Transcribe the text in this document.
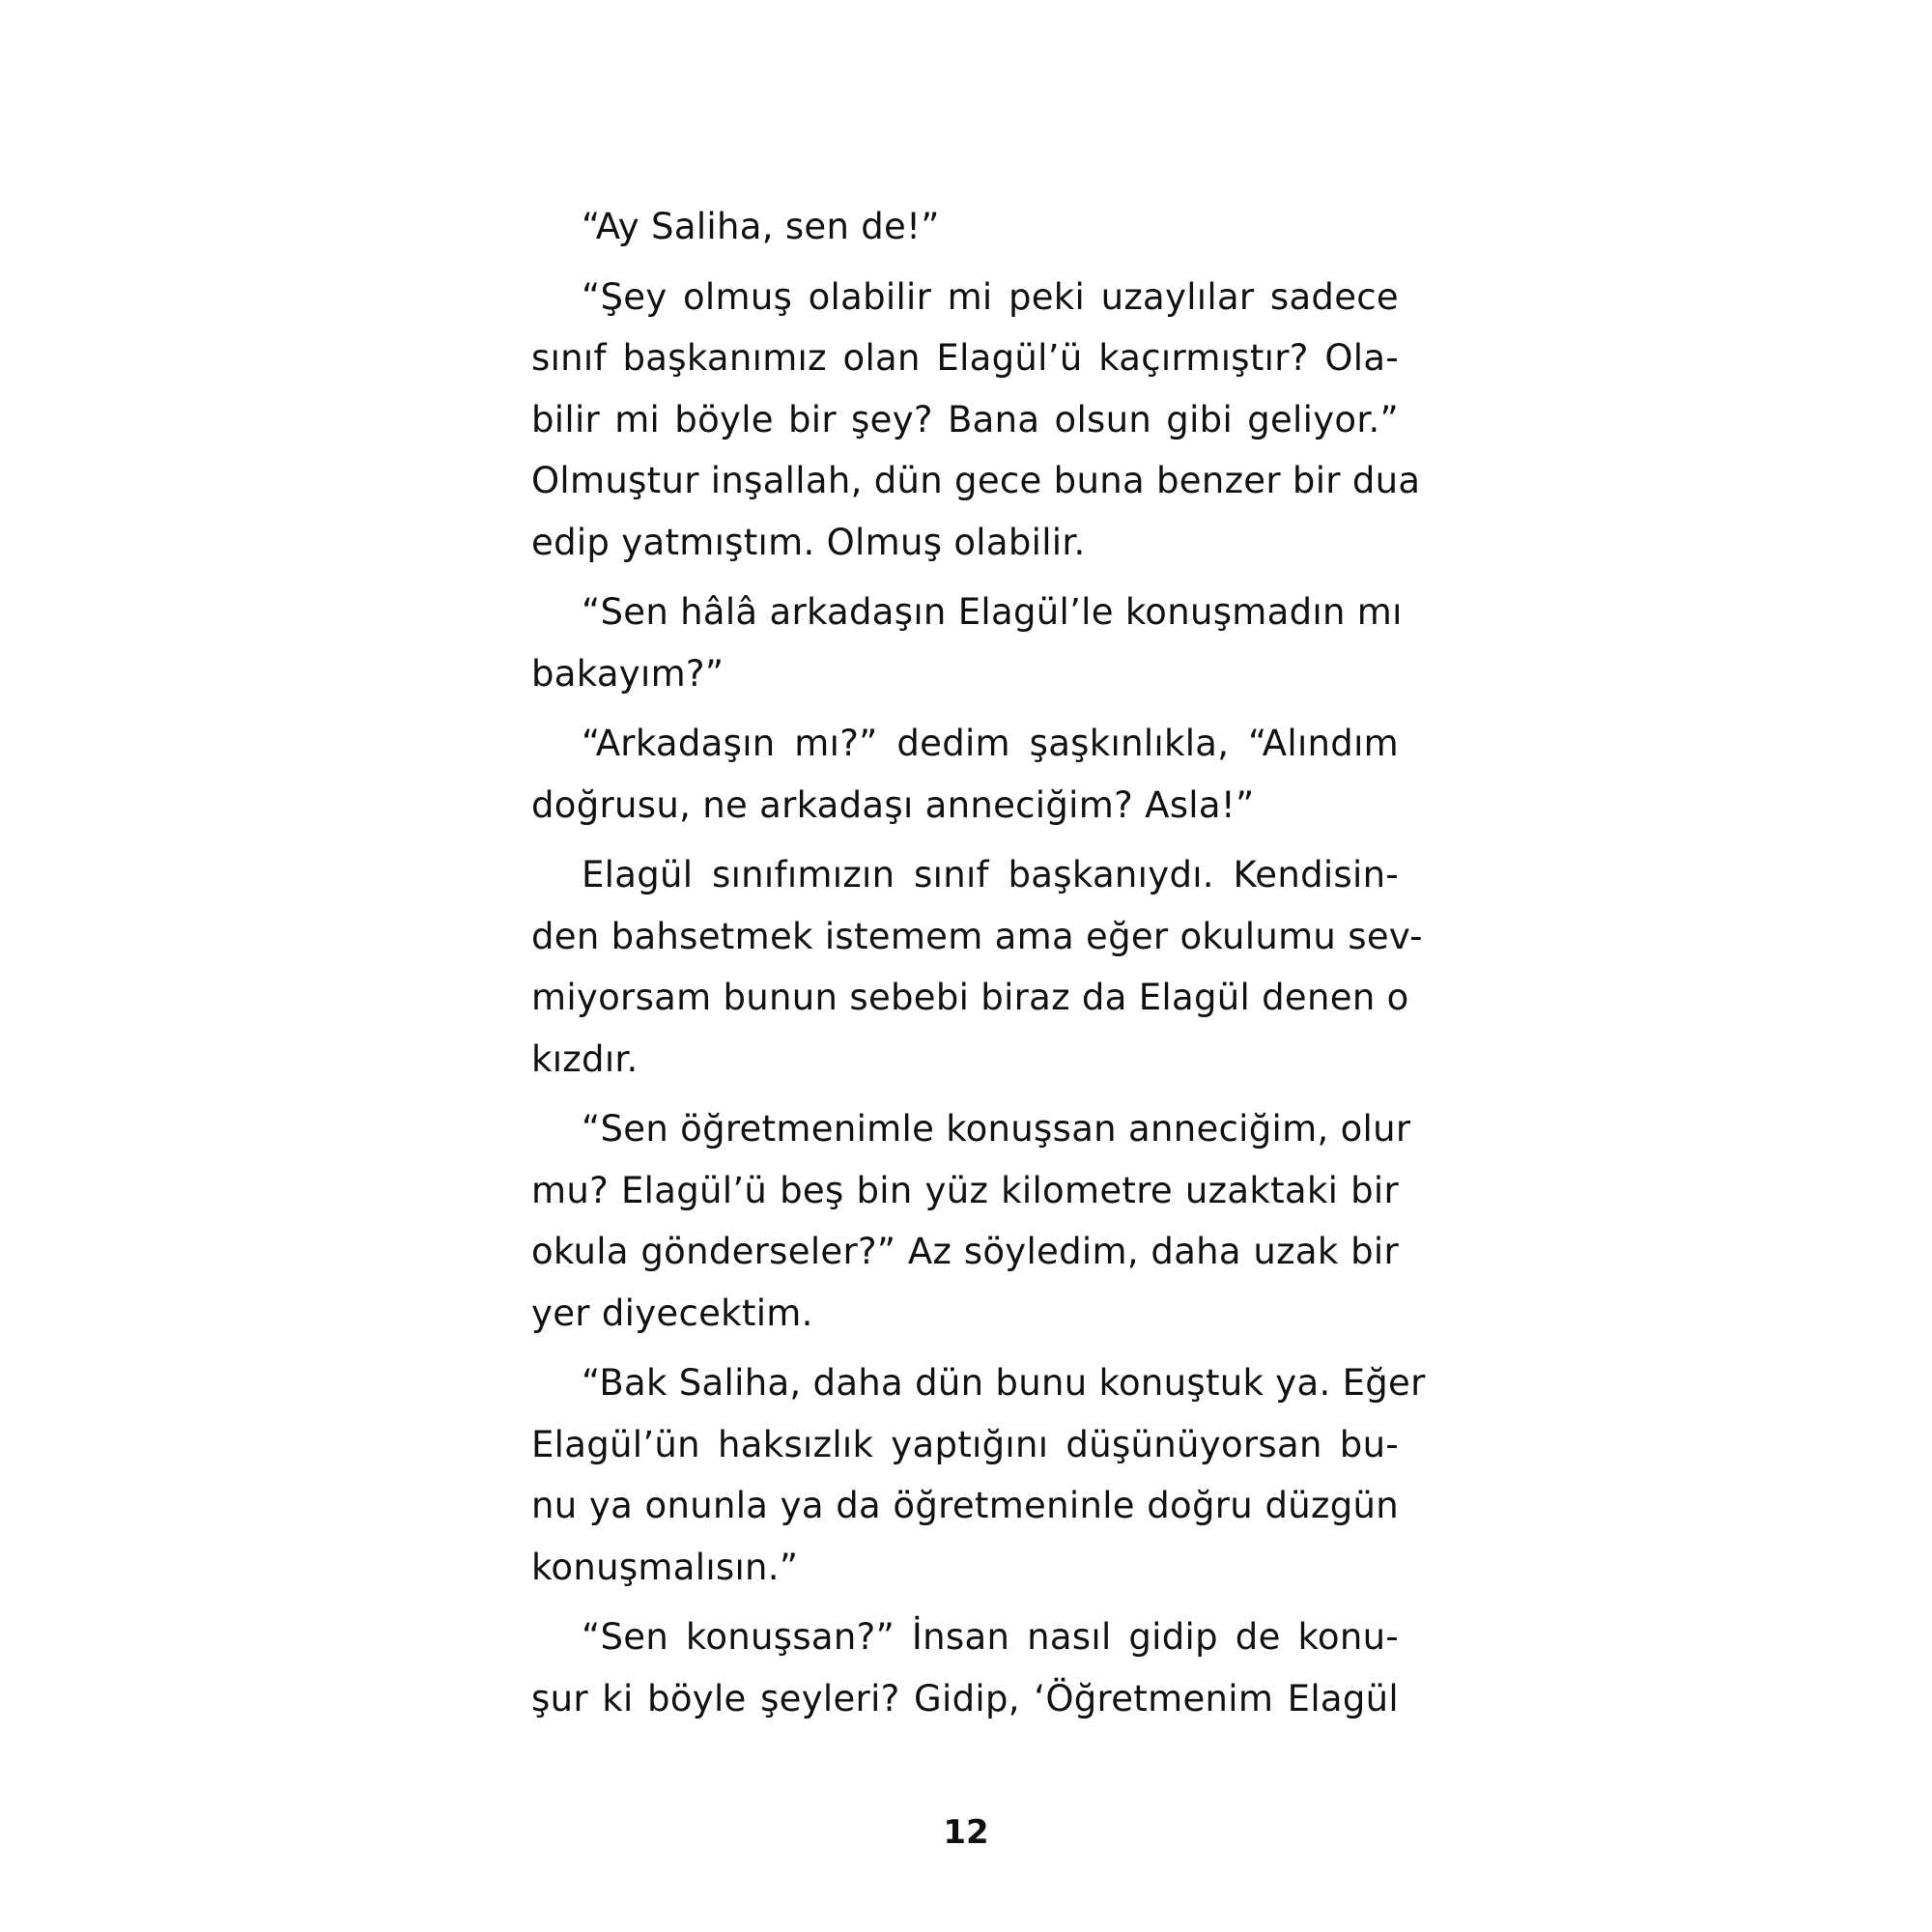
“Ay Saliha, sen de!”
“Şey olmuş olabilir mi peki uzaylılar sadece
sınıf başkanımız olan Elagül’ü kaçırmıştır? Ola-
bilir mi böyle bir şey? Bana olsun gibi geliyor.”
Olmuştur inşallah, dün gece buna benzer bir dua
edip yatmıştım. Olmuş olabilir.
“Sen hâlâ arkadaşın Elagül’le konuşmadın mı
bakayım?”
“Arkadaşın mı?” dedim şaşkınlıkla, “Alındım
doğrusu, ne arkadaşı anneciğim? Asla!”
Elagül sınıfımızın sınıf başkanıydı. Kendisin-
den bahsetmek istemem ama eğer okulumu sev-
miyorsam bunun sebebi biraz da Elagül denen o
kızdır.
“Sen öğretmenimle konuşsan anneciğim, olur
mu? Elagül’ü beş bin yüz kilometre uzaktaki bir
okula gönderseler?” Az söyledim, daha uzak bir
yer diyecektim.
“Bak Saliha, daha dün bunu konuştuk ya. Eğer
Elagül’ün haksızlık yaptığını düşünüyorsan bu-
nu ya onunla ya da öğretmeninle doğru düzgün
konuşmalısın.”
“Sen konuşsan?” İnsan nasıl gidip de konu-
şur ki böyle şeyleri? Gidip, ‘Öğretmenim Elagül
12
